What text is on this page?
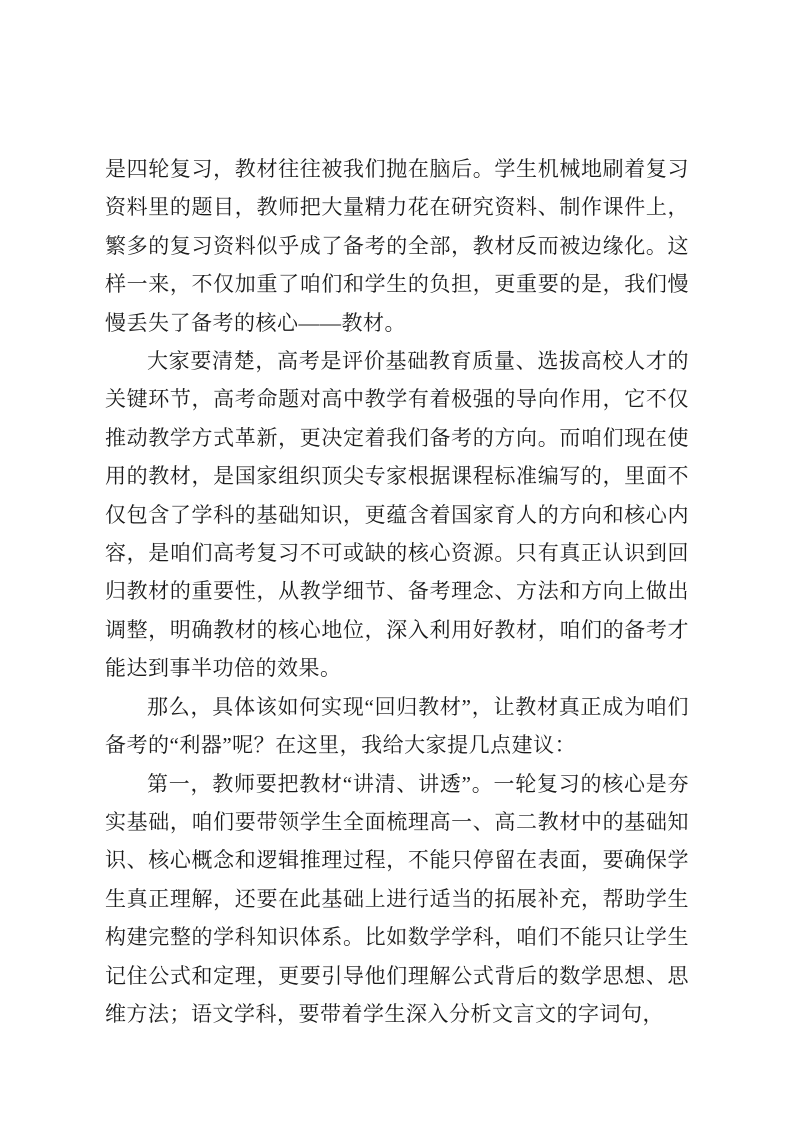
是四轮复习，教材往往被我们抛在脑后。学生机械地刷着复习资料里的题目，教师把大量精力花在研究资料、制作课件上，繁多的复习资料似乎成了备考的全部，教材反而被边缘化。这样一来，不仅加重了咱们和学生的负担，更重要的是，我们慢慢丢失了备考的核心——教材。

大家要清楚，高考是评价基础教育质量、选拔高校人才的关键环节，高考命题对高中教学有着极强的导向作用，它不仅推动教学方式革新，更决定着我们备考的方向。而咱们现在使用的教材，是国家组织顶尖专家根据课程标准编写的，里面不仅包含了学科的基础知识，更蕴含着国家育人的方向和核心内容，是咱们高考复习不可或缺的核心资源。只有真正认识到回归教材的重要性，从教学细节、备考理念、方法和方向上做出调整，明确教材的核心地位，深入利用好教材，咱们的备考才能达到事半功倍的效果。

那么，具体该如何实现“回归教材”，让教材真正成为咱们备考的“利器”呢？在这里，我给大家提几点建议：

第一，教师要把教材“讲清、讲透”。一轮复习的核心是夯实基础，咱们要带领学生全面梳理高一、高二教材中的基础知识、核心概念和逻辑推理过程，不能只停留在表面，要确保学生真正理解，还要在此基础上进行适当的拓展补充，帮助学生构建完整的学科知识体系。比如数学学科，咱们不能只让学生记住公式和定理，更要引导他们理解公式背后的数学思想、思维方法；语文学科，要带着学生深入分析文言文的字词句，
